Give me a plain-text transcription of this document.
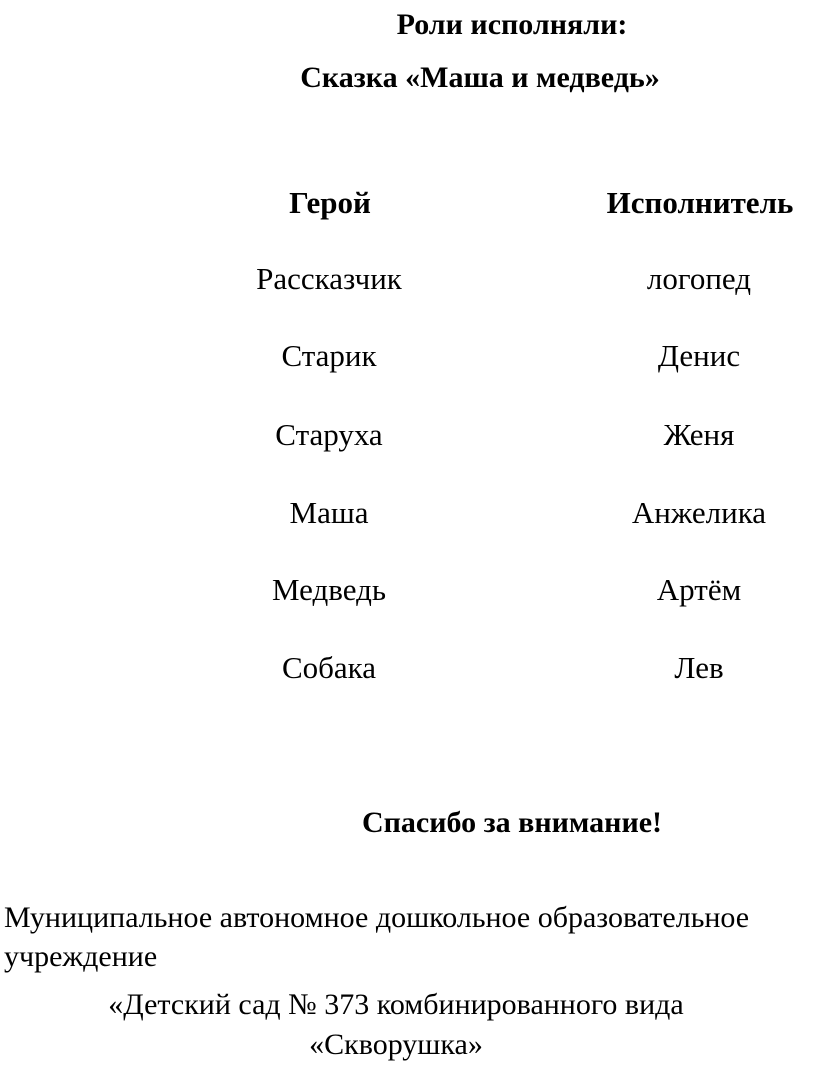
Роли исполняли:
Сказка «Маша и медведь»
Герой	Исполнитель
Рассказчик	логопед
Старик	Денис
Старуха	Женя
Маша	Анжелика
Медведь	Артём
Собака	Лев
Спасибо за внимание!
Муниципальное автономное дошкольное образовательное
учреждение
«Детский сад № 373 комбинированного вида
«Скворушка»
